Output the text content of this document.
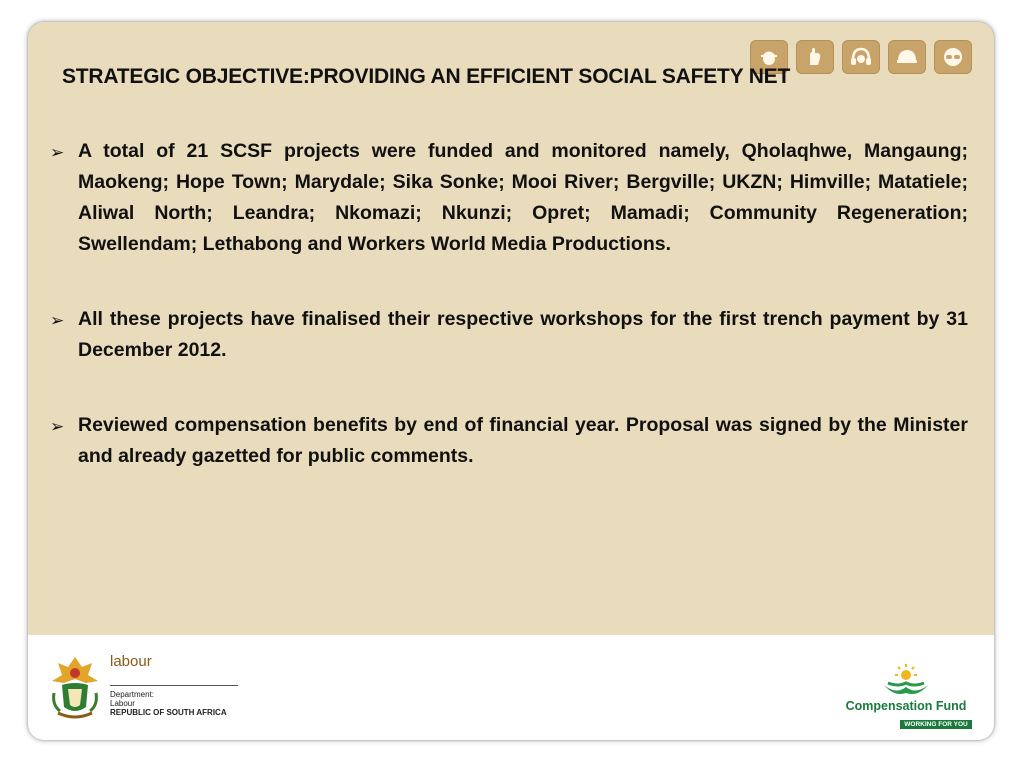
STRATEGIC OBJECTIVE:PROVIDING AN EFFICIENT SOCIAL SAFETY NET
➢ A total of 21 SCSF projects were funded and monitored namely, Qholaqhwe, Mangaung; Maokeng; Hope Town; Marydale; Sika Sonke; Mooi River; Bergville; UKZN; Himville; Matatiele; Aliwal North; Leandra; Nkomazi; Nkunzi; Opret; Mamadi; Community Regeneration; Swellendam; Lethabong and Workers World Media Productions.
➢ All these projects have finalised their respective workshops for the first trench payment by 31 December 2012.
➢ Reviewed compensation benefits by end of financial year. Proposal was signed by the Minister and already gazetted for public comments.
labour
Department:
Labour
REPUBLIC OF SOUTH AFRICA	Compensation Fund
WORKING FOR YOU
